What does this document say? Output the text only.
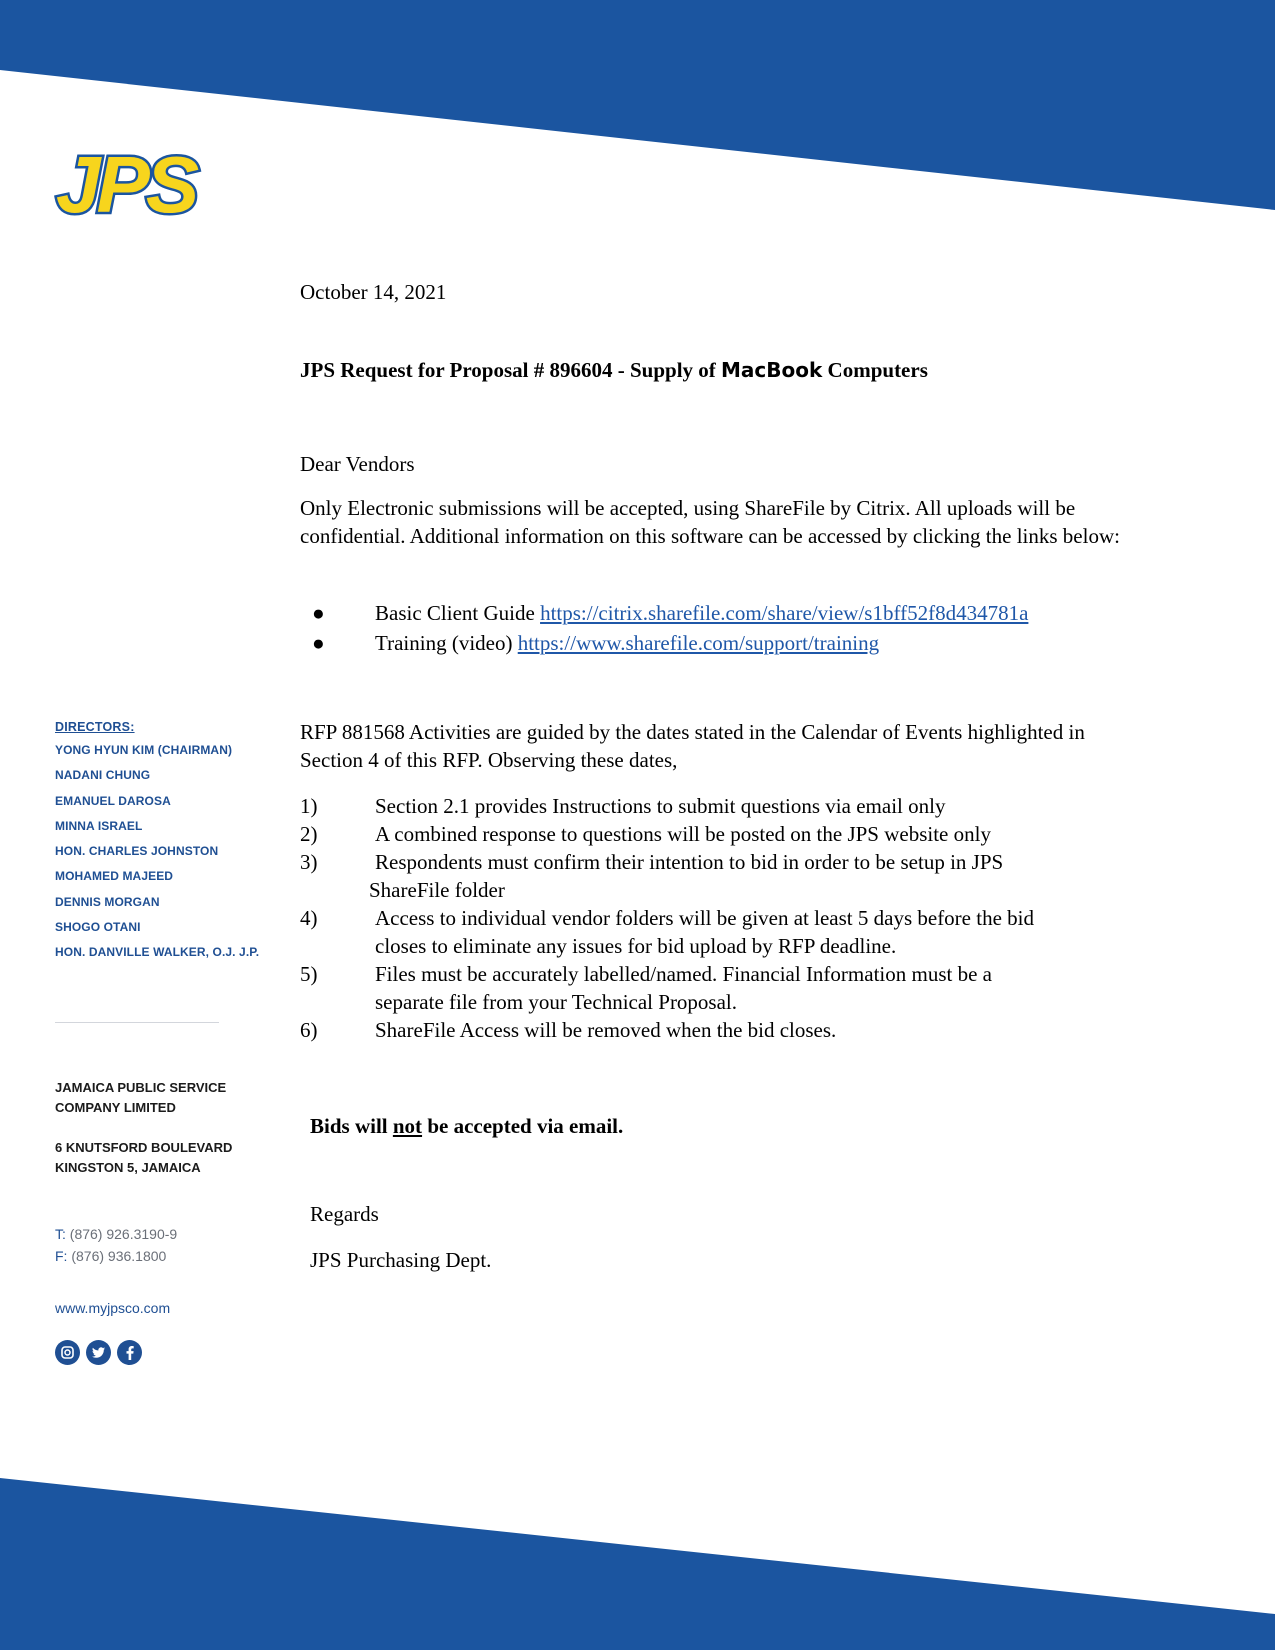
JPS
October 14, 2021
JPS Request for Proposal # 896604 - Supply of MacBook Computers
Dear Vendors
Only Electronic submissions will be accepted, using ShareFile by Citrix. All uploads will be confidential. Additional information on this software can be accessed by clicking the links below:
● Basic Client Guide https://citrix.sharefile.com/share/view/s1bff52f8d434781a
● Training (video) https://www.sharefile.com/support/training
RFP 881568 Activities are guided by the dates stated in the Calendar of Events highlighted in Section 4 of this RFP. Observing these dates,
1)	Section 2.1 provides Instructions to submit questions via email only
2)	A combined response to questions will be posted on the JPS website only
3)	Respondents must confirm their intention to bid in order to be setup in JPS
ShareFile folder
4)	Access to individual vendor folders will be given at least 5 days before the bid
closes to eliminate any issues for bid upload by RFP deadline.
5)	Files must be accurately labelled/named. Financial Information must be a
separate file from your Technical Proposal.
6)	ShareFile Access will be removed when the bid closes.
Bids will not be accepted via email.
Regards
JPS Purchasing Dept.
DIRECTORS:
YONG HYUN KIM (CHAIRMAN)
NADANI CHUNG
EMANUEL DAROSA
MINNA ISRAEL
HON. CHARLES JOHNSTON
MOHAMED MAJEED
DENNIS MORGAN
SHOGO OTANI
HON. DANVILLE WALKER, O.J. J.P.
JAMAICA PUBLIC SERVICE
COMPANY LIMITED
6 KNUTSFORD BOULEVARD
KINGSTON 5, JAMAICA
T: (876) 926.3190-9
F: (876) 936.1800
www.myjpsco.com
